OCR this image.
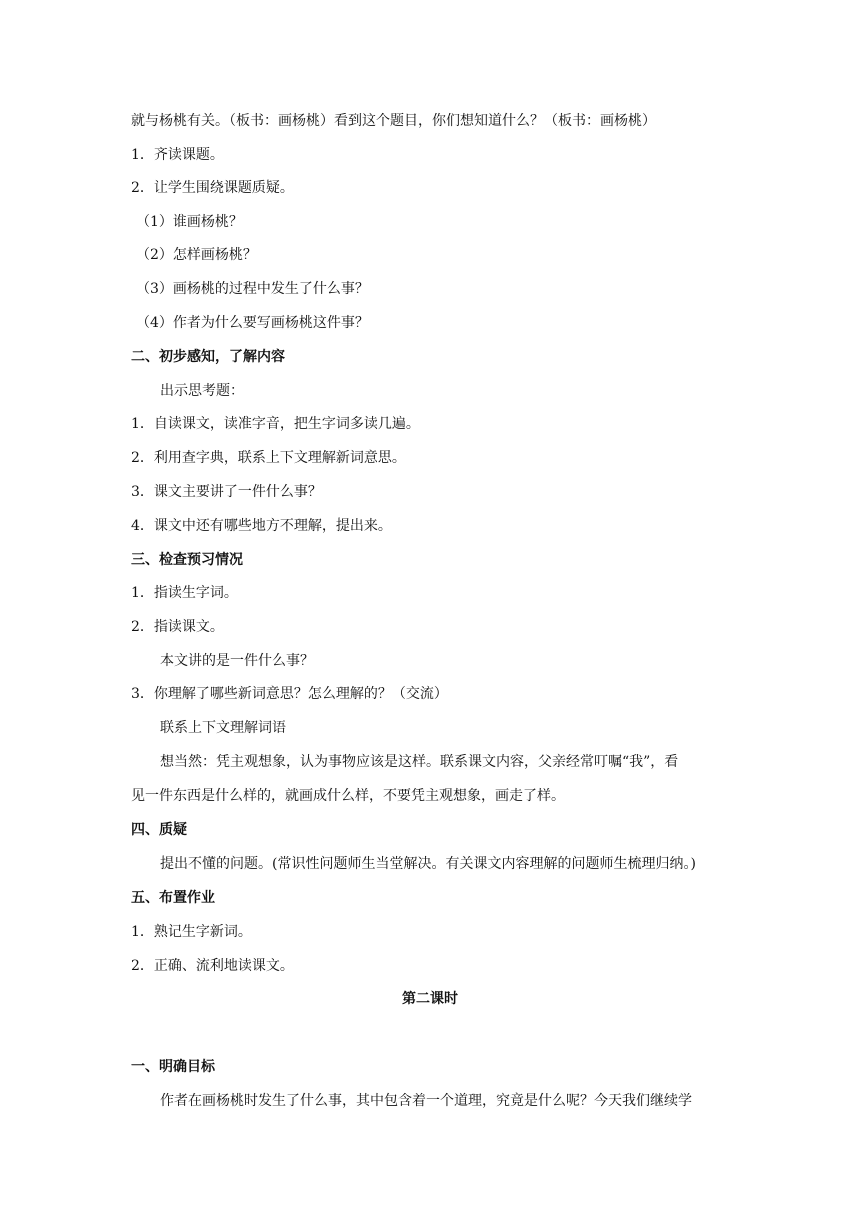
就与杨桃有关。（板书：画杨桃）看到这个题目，你们想知道什么？（板书：画杨桃）
1．齐读课题。
2．让学生围绕课题质疑。
（1）谁画杨桃？
（2）怎样画杨桃？
（3）画杨桃的过程中发生了什么事？
（4）作者为什么要写画杨桃这件事？
二、初步感知，了解内容
出示思考题：
1．自读课文，读准字音，把生字词多读几遍。
2．利用查字典，联系上下文理解新词意思。
3．课文主要讲了一件什么事？
4．课文中还有哪些地方不理解，提出来。
三、检查预习情况
1．指读生字词。
2．指读课文。
本文讲的是一件什么事？
3．你理解了哪些新词意思？怎么理解的？（交流）
联系上下文理解词语
想当然：凭主观想象，认为事物应该是这样。联系课文内容，父亲经常叮嘱“我”，看
见一件东西是什么样的，就画成什么样，不要凭主观想象，画走了样。
四、质疑
提出不懂的问题。(常识性问题师生当堂解决。有关课文内容理解的问题师生梳理归纳。)
五、布置作业
1．熟记生字新词。
2．正确、流利地读课文。
第二课时
一、明确目标
作者在画杨桃时发生了什么事，其中包含着一个道理，究竟是什么呢？今天我们继续学
